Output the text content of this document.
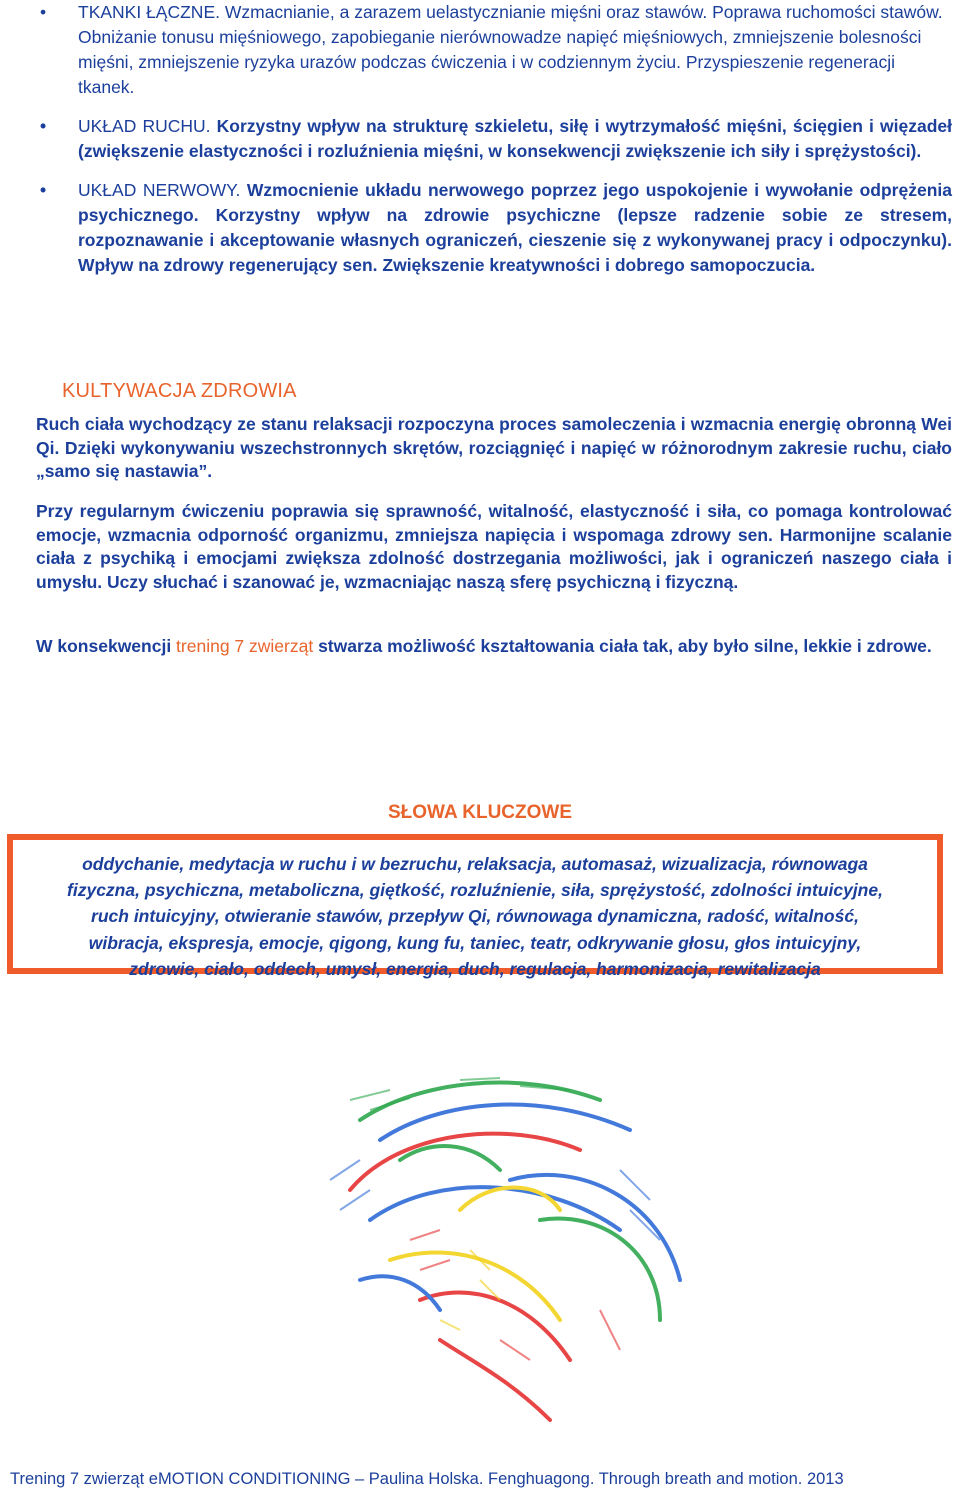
• TKANKI ŁĄCZNE. Wzmacnianie, a zarazem uelastycznianie mięśni oraz stawów. Poprawa ruchomości stawów. Obniżanie tonusu mięśniowego, zapobieganie nierównowadze napięć mięśniowych, zmniejszenie bolesności mięśni, zmniejszenie ryzyka urazów podczas ćwiczenia i w codziennym życiu. Przyspieszenie regeneracji tkanek.
• UKŁAD RUCHU. Korzystny wpływ na strukturę szkieletu, siłę i wytrzymałość mięśni, ścięgien i więzadeł (zwiększenie elastyczności i rozluźnienia mięśni, w konsekwencji zwiększenie ich siły i sprężystości).
• UKŁAD NERWOWY. Wzmocnienie układu nerwowego poprzez jego uspokojenie i wywołanie odprężenia psychicznego. Korzystny wpływ na zdrowie psychiczne (lepsze radzenie sobie ze stresem, rozpoznawanie i akceptowanie własnych ograniczeń, cieszenie się z wykonywanej pracy i odpoczynku). Wpływ na zdrowy regenerujący sen. Zwiększenie kreatywności i dobrego samopoczucia.
KULTYWACJA ZDROWIA

Ruch ciała wychodzący ze stanu relaksacji rozpoczyna proces samoleczenia i wzmacnia energię obronną Wei Qi. Dzięki wykonywaniu wszechstronnych skrętów, rozciągnięć i napięć w różnorodnym zakresie ruchu, ciało „samo się nastawia”.

Przy regularnym ćwiczeniu poprawia się sprawność, witalność, elastyczność i siła, co pomaga kontrolować emocje, wzmacnia odporność organizmu, zmniejsza napięcia i wspomaga zdrowy sen. Harmonijne scalanie ciała z psychiką i emocjami zwiększa zdolność dostrzegania możliwości, jak i ograniczeń naszego ciała i umysłu. Uczy słuchać i szanować je, wzmacniając naszą sferę psychiczną i fizyczną.

W konsekwencji trening 7 zwierząt stwarza możliwość kształtowania ciała tak, aby było silne, lekkie i zdrowe.

SŁOWA KLUCZOWE

oddychanie, medytacja w ruchu i w bezruchu, relaksacja, automasaż, wizualizacja, równowaga

fizyczna, psychiczna, metaboliczna, giętkość, rozluźnienie, siła, sprężystość, zdolności intuicyjne,

ruch intuicyjny, otwieranie stawów, przepływ Qi, równowaga dynamiczna, radość, witalność,

wibracja, ekspresja, emocje, qigong, kung fu, taniec, teatr, odkrywanie głosu, głos intuicyjny,

zdrowie, ciało, oddech, umysł, energia, duch, regulacja, harmonizacja, rewitalizacja

Trening 7 zwierząt eMOTION CONDITIONING – Paulina Holska. Fenghuagong. Through breath and motion. 2013
